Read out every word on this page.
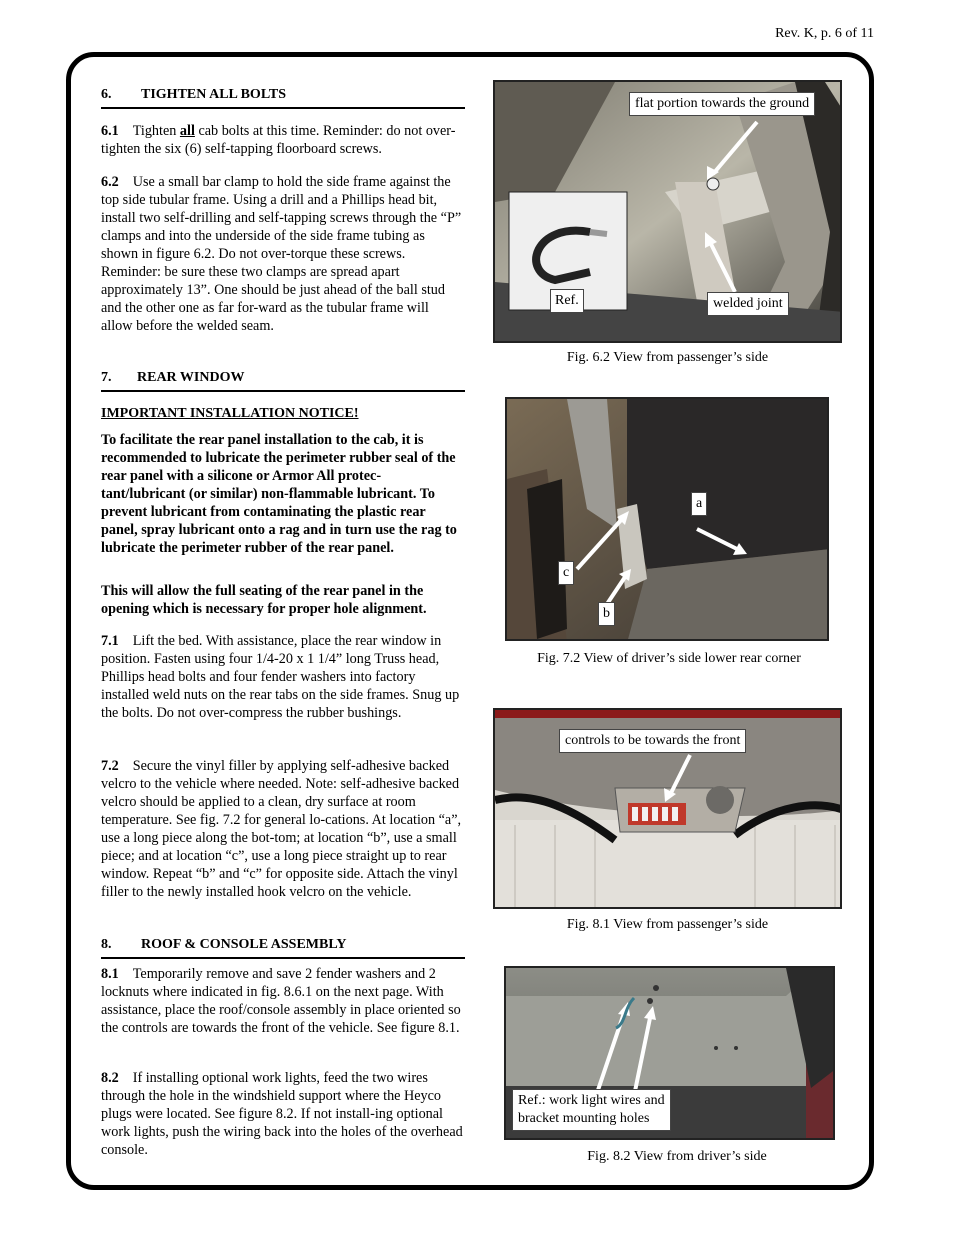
Rev. K, p. 6 of 11
6. TIGHTEN ALL BOLTS
6.1 Tighten all cab bolts at this time. Reminder: do not over-tighten the six (6) self-tapping floorboard screws.
6.2 Use a small bar clamp to hold the side frame against the top side tubular frame. Using a drill and a Phillips head bit, install two self-drilling and self-tapping screws through the “P” clamps and into the underside of the side frame tubing as shown in figure 6.2. Do not over-torque these screws. Reminder: be sure these two clamps are spread apart approximately 13”. One should be just ahead of the ball stud and the other one as far for-ward as the tubular frame will allow before the welded seam.
7. REAR WINDOW
IMPORTANT INSTALLATION NOTICE!
To facilitate the rear panel installation to the cab, it is recommended to lubricate the perimeter rubber seal of the rear panel with a silicone or Armor All protec-tant/lubricant (or similar) non-flammable lubricant. To prevent lubricant from contaminating the plastic rear panel, spray lubricant onto a rag and in turn use the rag to lubricate the perimeter rubber of the rear panel.
This will allow the full seating of the rear panel in the opening which is necessary for proper hole alignment.
7.1 Lift the bed. With assistance, place the rear window in position. Fasten using four 1/4-20 x 1 1/4” long Truss head, Phillips head bolts and four fender washers into factory installed weld nuts on the rear tabs on the side frames. Snug up the bolts. Do not over-compress the rubber bushings.
7.2 Secure the vinyl filler by applying self-adhesive backed velcro to the vehicle where needed. Note: self-adhesive backed velcro should be applied to a clean, dry surface at room temperature. See fig. 7.2 for general lo-cations. At location “a”, use a long piece along the bot-tom; at location “b”, use a small piece; and at location “c”, use a long piece straight up to rear window. Repeat “b” and “c” for opposite side. Attach the vinyl filler to the newly installed hook velcro on the vehicle.
8. ROOF & CONSOLE ASSEMBLY
8.1 Temporarily remove and save 2 fender washers and 2 locknuts where indicated in fig. 8.6.1 on the next page. With assistance, place the roof/console assembly in place oriented so the controls are towards the front of the vehicle. See figure 8.1.
8.2 If installing optional work lights, feed the two wires through the hole in the windshield support where the Heyco plugs were located. See figure 8.2. If not install-ing optional work lights, push the wiring back into the holes of the overhead console.
flat portion towards the ground
Ref.	welded joint
Fig. 6.2 View from passenger’s side
a
c
b
Fig. 7.2 View of driver’s side lower rear corner
controls to be towards the front
Fig. 8.1 View from passenger’s side
Ref.: work light wires and
bracket mounting holes
Fig. 8.2 View from driver’s side
